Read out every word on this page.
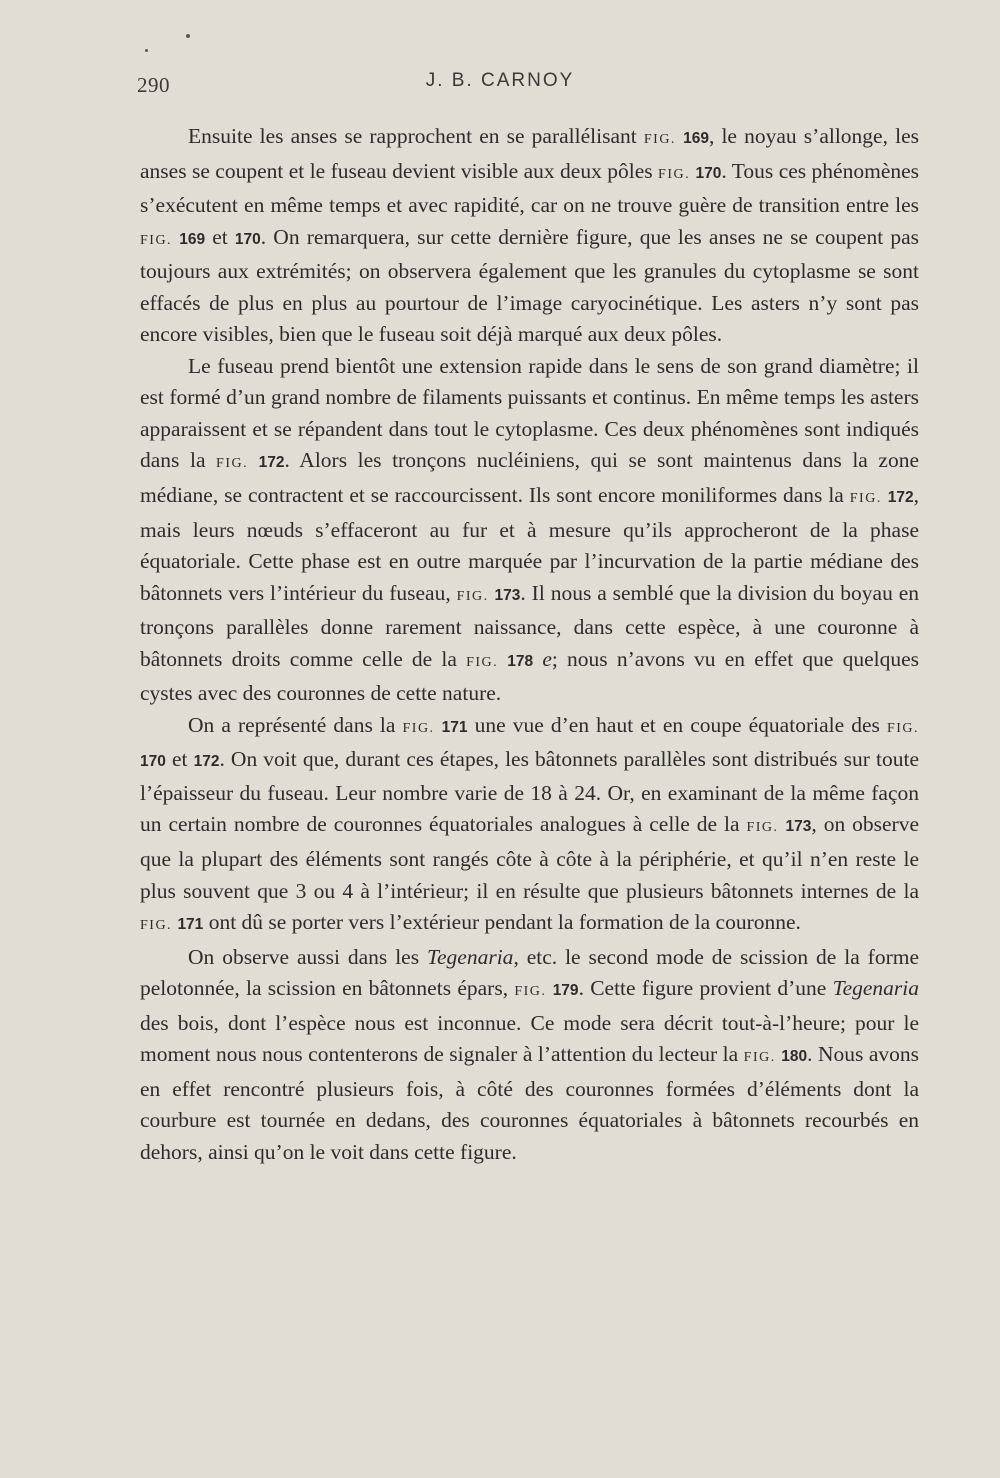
290	J. B. CARNOY

Ensuite les anses se rapprochent en se parallélisant FIG. 169, le noyau s’allonge, les anses se coupent et le fuseau devient visible aux deux pôles FIG. 170. Tous ces phénomènes s’exécutent en même temps et avec rapidité, car on ne trouve guère de transition entre les FIG. 169 et 170. On remarquera, sur cette dernière figure, que les anses ne se coupent pas toujours aux extrémités; on observera également que les granules du cytoplasme se sont effacés de plus en plus au pourtour de l’image caryocinétique. Les asters n’y sont pas encore visibles, bien que le fuseau soit déjà marqué aux deux pôles.

Le fuseau prend bientôt une extension rapide dans le sens de son grand diamètre; il est formé d’un grand nombre de filaments puissants et continus. En même temps les asters apparaissent et se répandent dans tout le cytoplasme. Ces deux phénomènes sont indiqués dans la FIG. 172. Alors les tronçons nucléiniens, qui se sont maintenus dans la zone médiane, se contractent et se raccourcissent. Ils sont encore moniliformes dans la FIG. 172, mais leurs nœuds s’effaceront au fur et à mesure qu’ils approcheront de la phase équatoriale. Cette phase est en outre marquée par l’incurvation de la partie médiane des bâtonnets vers l’intérieur du fuseau, FIG. 173. Il nous a semblé que la division du boyau en tronçons parallèles donne rarement naissance, dans cette espèce, à une couronne à bâtonnets droits comme celle de la FIG. 178 e; nous n’avons vu en effet que quelques cystes avec des couronnes de cette nature.

On a représenté dans la FIG. 171 une vue d’en haut et en coupe équatoriale des FIG. 170 et 172. On voit que, durant ces étapes, les bâtonnets parallèles sont distribués sur toute l’épaisseur du fuseau. Leur nombre varie de 18 à 24. Or, en examinant de la même façon un certain nombre de couronnes équatoriales analogues à celle de la FIG. 173, on observe que la plupart des éléments sont rangés côte à côte à la périphérie, et qu’il n’en reste le plus souvent que 3 ou 4 à l’intérieur; il en résulte que plusieurs bâtonnets internes de la FIG. 171 ont dû se porter vers l’extérieur pendant la formation de la couronne.

On observe aussi dans les Tegenaria, etc. le second mode de scission de la forme pelotonnée, la scission en bâtonnets épars, FIG. 179. Cette figure provient d’une Tegenaria des bois, dont l’espèce nous est inconnue. Ce mode sera décrit tout-à-l’heure; pour le moment nous nous contenterons de signaler à l’attention du lecteur la FIG. 180. Nous avons en effet rencontré plusieurs fois, à côté des couronnes formées d’éléments dont la courbure est tournée en dedans, des couronnes équatoriales à bâtonnets recourbés en dehors, ainsi qu’on le voit dans cette figure.
